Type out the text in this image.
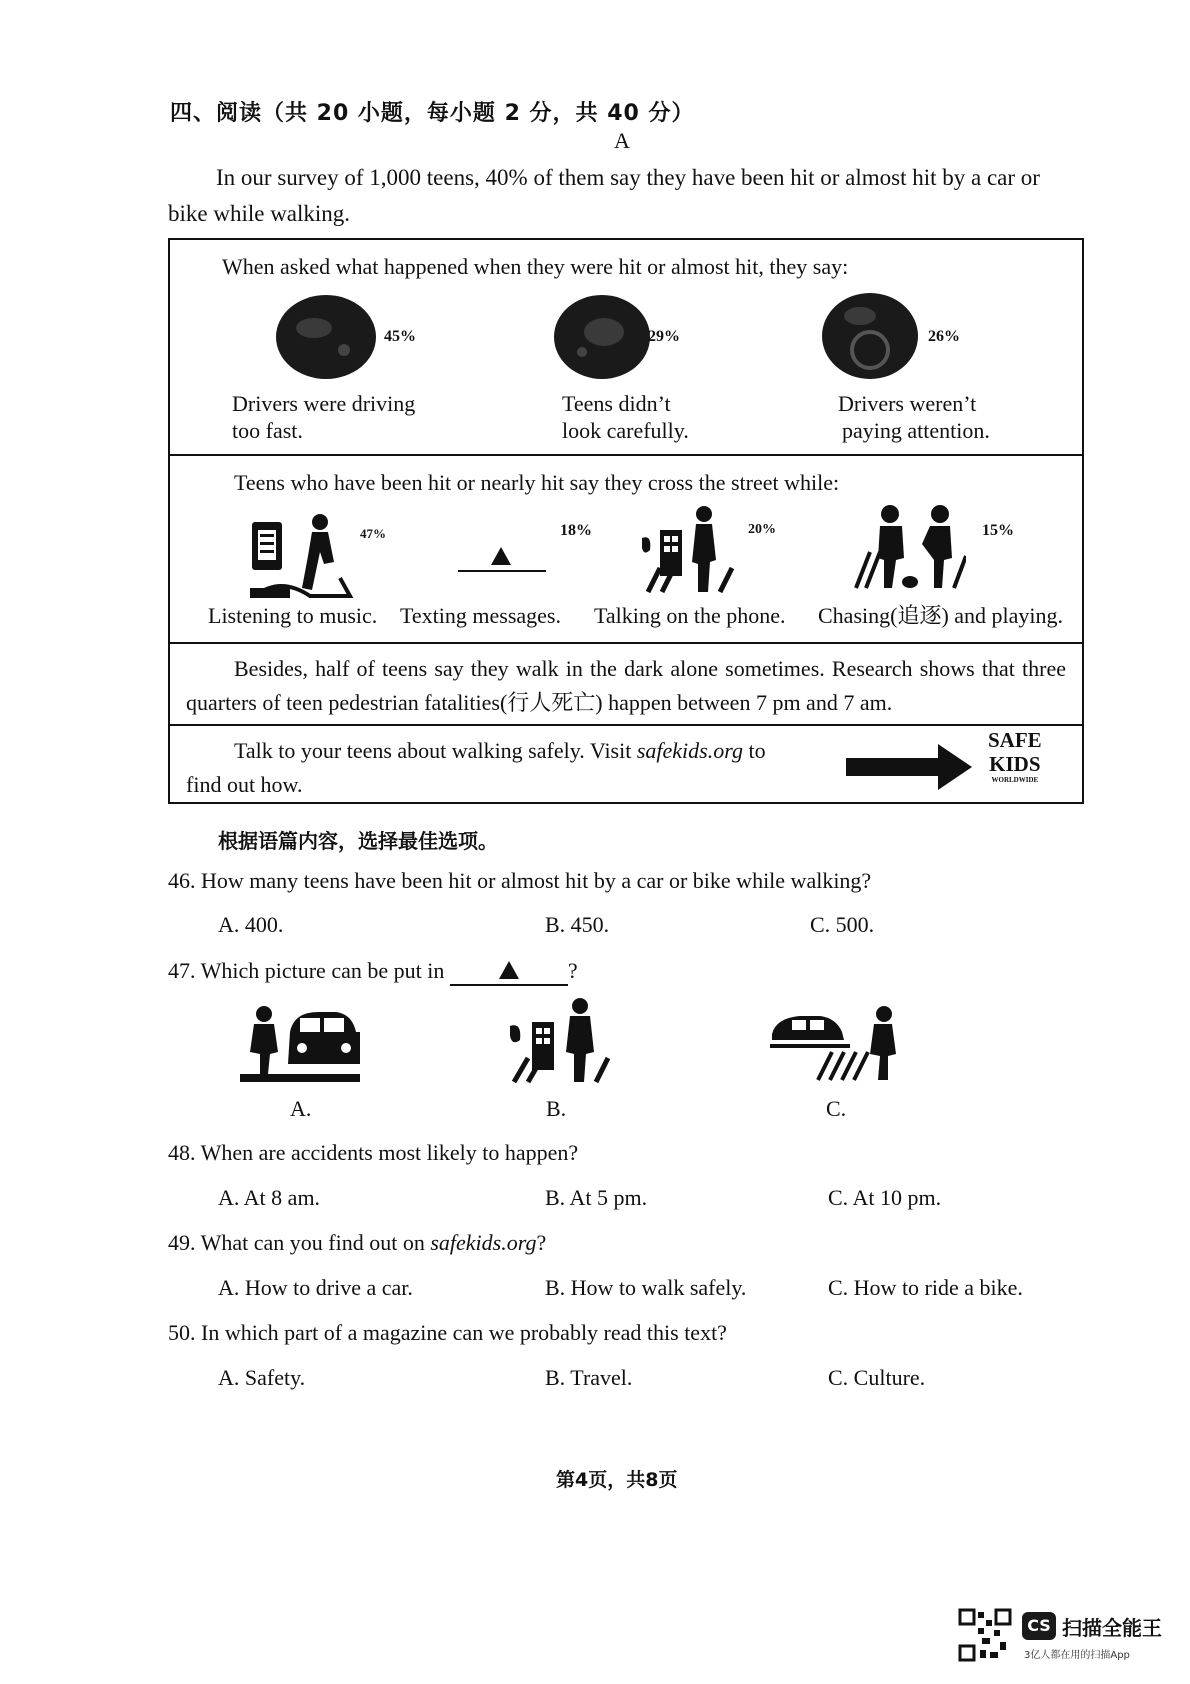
四、阅读（共 20 小题，每小题 2 分，共 40 分）
A
In our survey of 1,000 teens, 40% of them say they have been hit or almost hit by a car or bike while walking.
When asked what happened when they were hit or almost hit, they say:
45%
Drivers were driving
too fast.
29%
Teens didn’t
look carefully.
26%
Drivers weren’t
paying attention.
Teens who have been hit or nearly hit say they cross the street while:
47%	18%	20%	15%
Listening to music. Texting messages. Talking on the phone. Chasing(追逐) and playing.
Besides, half of teens say they walk in the dark alone sometimes. Research shows that three quarters of teen pedestrian fatalities(行人死亡) happen between 7 pm and 7 am.
Talk to your teens about walking safely. Visit safekids.org to find out how.
SAFE
KIDS
WORLDWIDE
根据语篇内容，选择最佳选项。
46. How many teens have been hit or almost hit by a car or bike while walking?
A. 400.	B. 450.	C. 500.
47. Which picture can be put in	?
A.	B.	C.
48. When are accidents most likely to happen?
A. At 8 am.	B. At 5 pm.	C. At 10 pm.
49. What can you find out on safekids.org?
A. How to drive a car.	B. How to walk safely.	C. How to ride a bike.
50. In which part of a magazine can we probably read this text?
A. Safety.	B. Travel.	C. Culture.
第4页，共8页
CS 扫描全能王
3亿人都在用的扫描App
